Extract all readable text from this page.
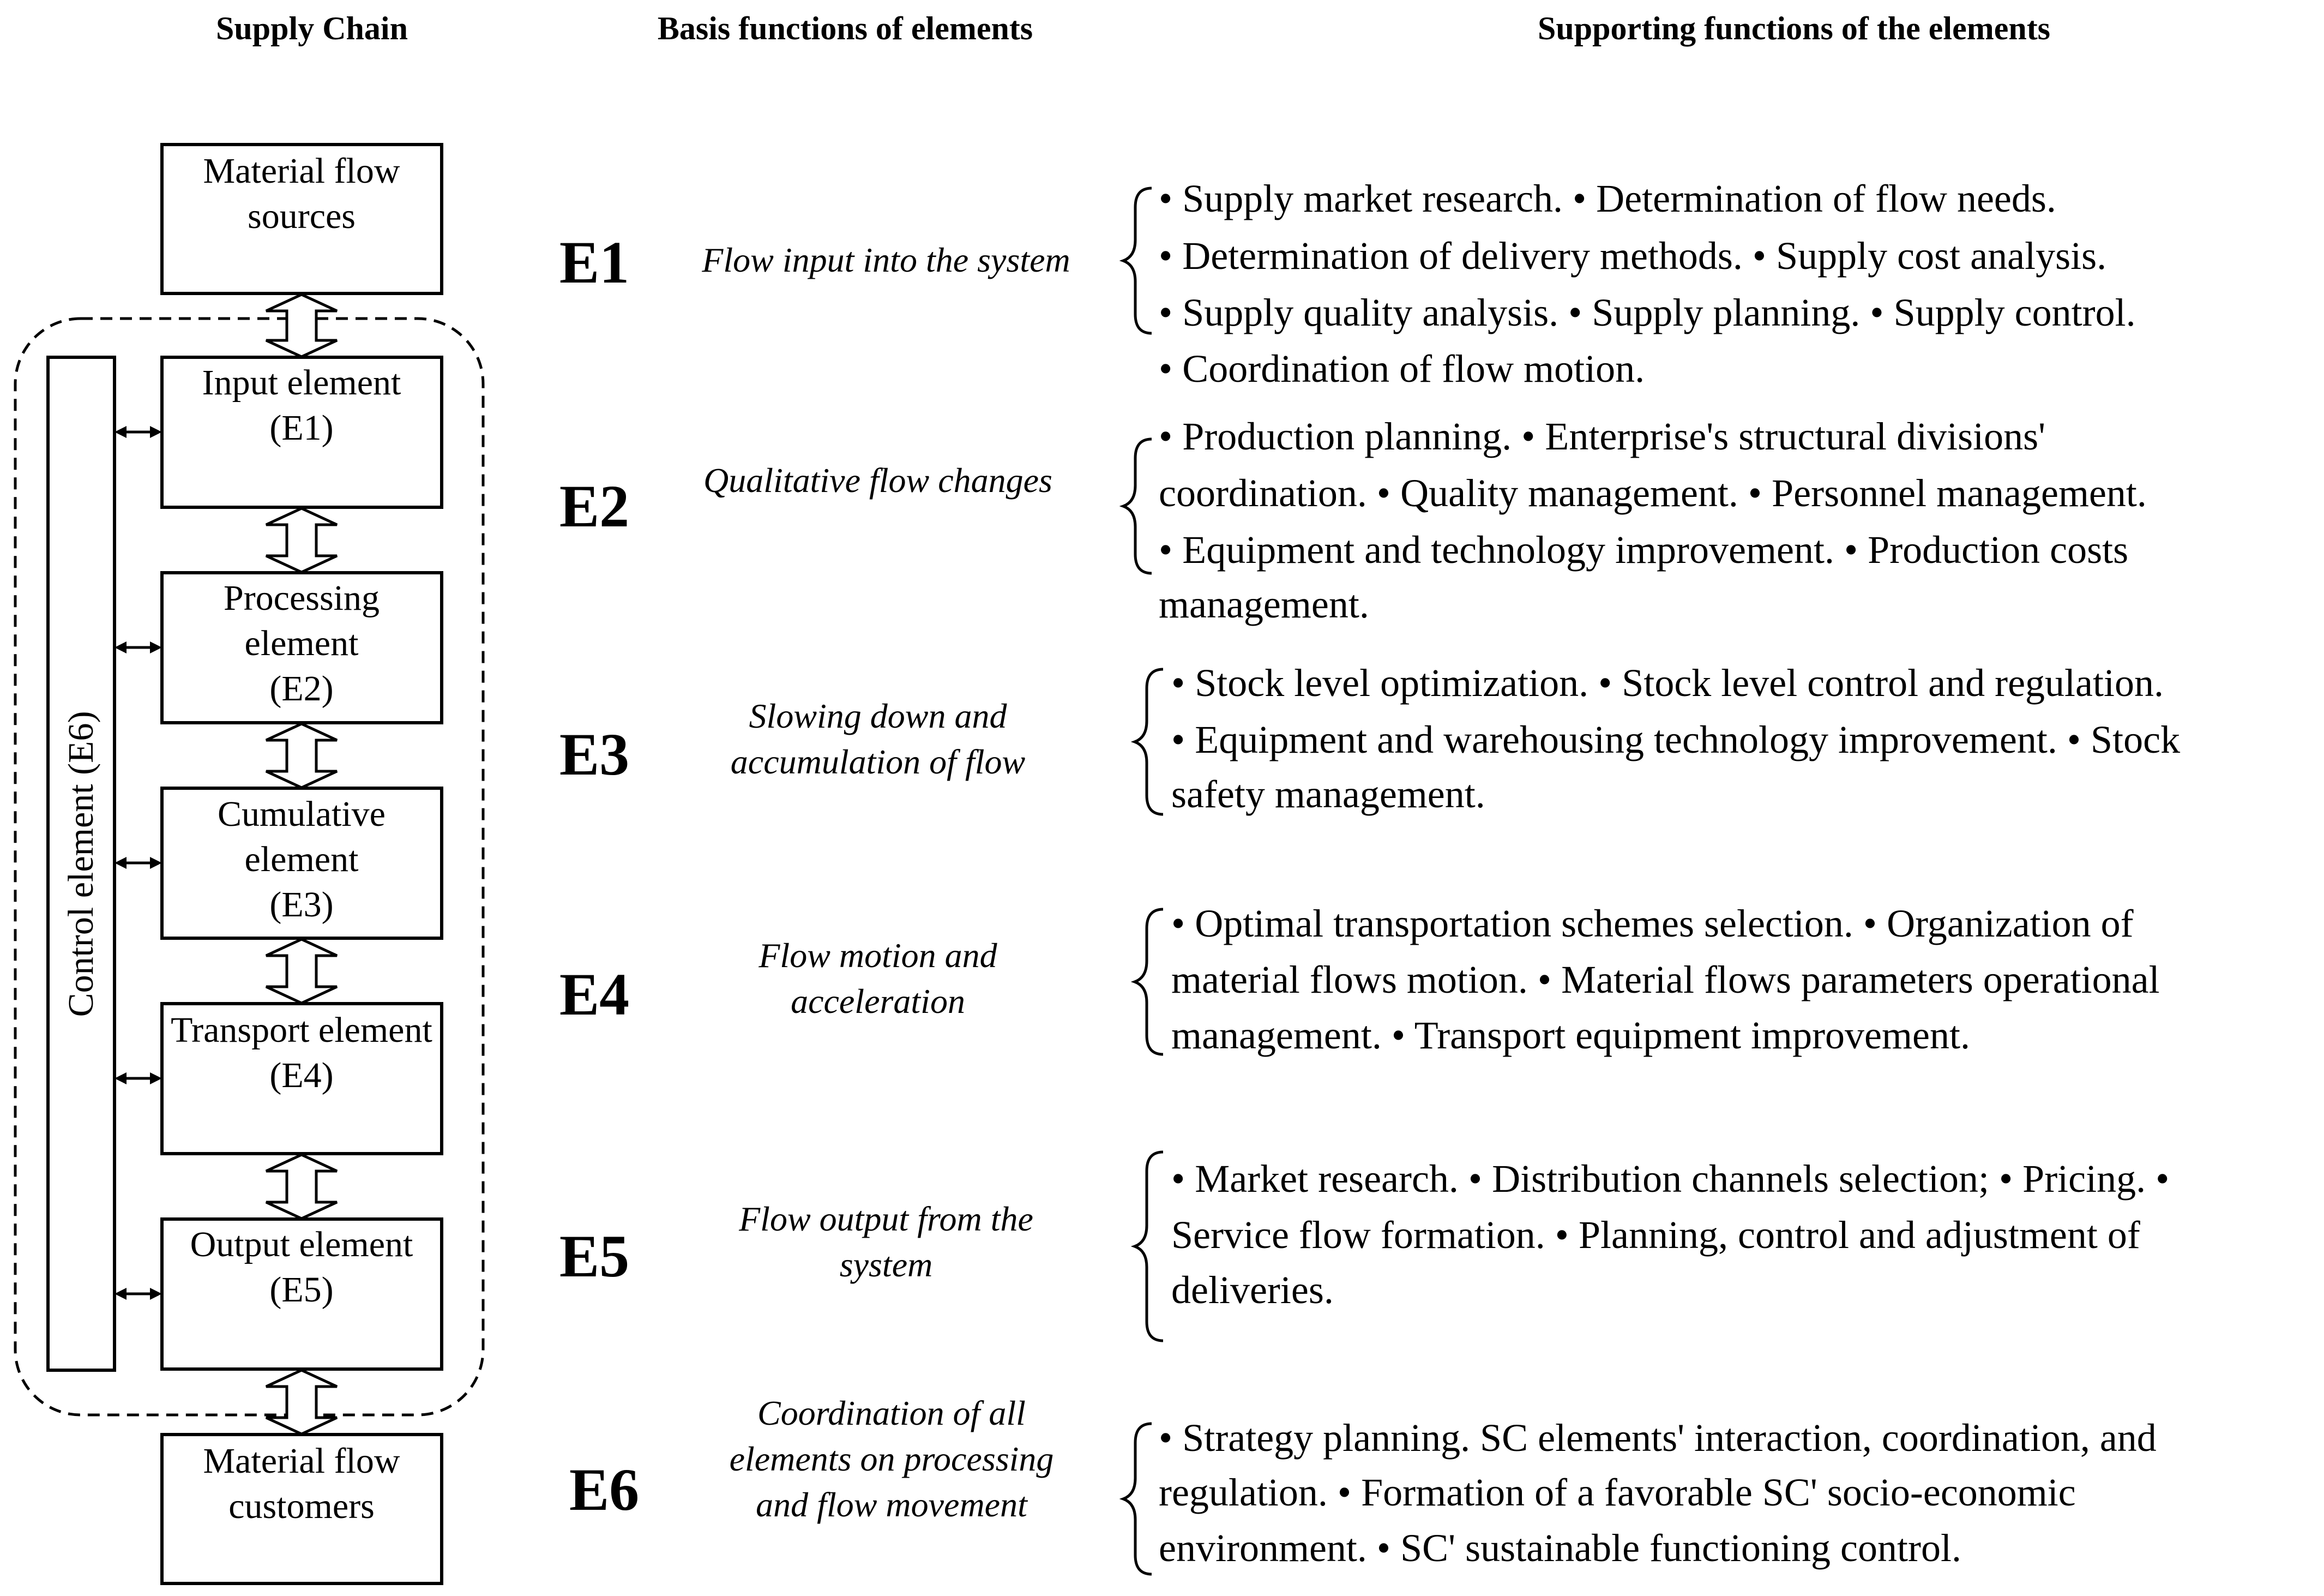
Supply Chain	Basis functions of elements	Supporting functions of the elements
Control element (E6)
Material flow
sources
Input element
(E1)
Processing
element
(E2)
Cumulative
element
(E3)
Transport element
(E4)
Output element
(E5)
Material flow
customers
E1 Flow input into the system
• Supply market research. • Determination of flow needs.
• Determination of delivery methods. • Supply cost analysis.
• Supply quality analysis. • Supply planning. • Supply control.
• Coordination of flow motion.
E2 Qualitative flow changes
• Production planning. • Enterprise's structural divisions'
coordination. • Quality management. • Personnel management.
• Equipment and technology improvement. • Production costs
management.
E3
Slowing down and
accumulation of flow
• Stock level optimization. • Stock level control and regulation.
• Equipment and warehousing technology improvement. • Stock
safety management.
E4
Flow motion and
acceleration
• Optimal transportation schemes selection. • Organization of
material flows motion. • Material flows parameters operational
management. • Transport equipment improvement.
E5
Flow output from the
system
• Market research. • Distribution channels selection; • Pricing. •
Service flow formation. • Planning, control and adjustment of
deliveries.
E6
Coordination of all
elements on processing
and flow movement
• Strategy planning. SC elements' interaction, coordination, and
regulation. • Formation of a favorable SC' socio-economic
environment. • SC' sustainable functioning control.
